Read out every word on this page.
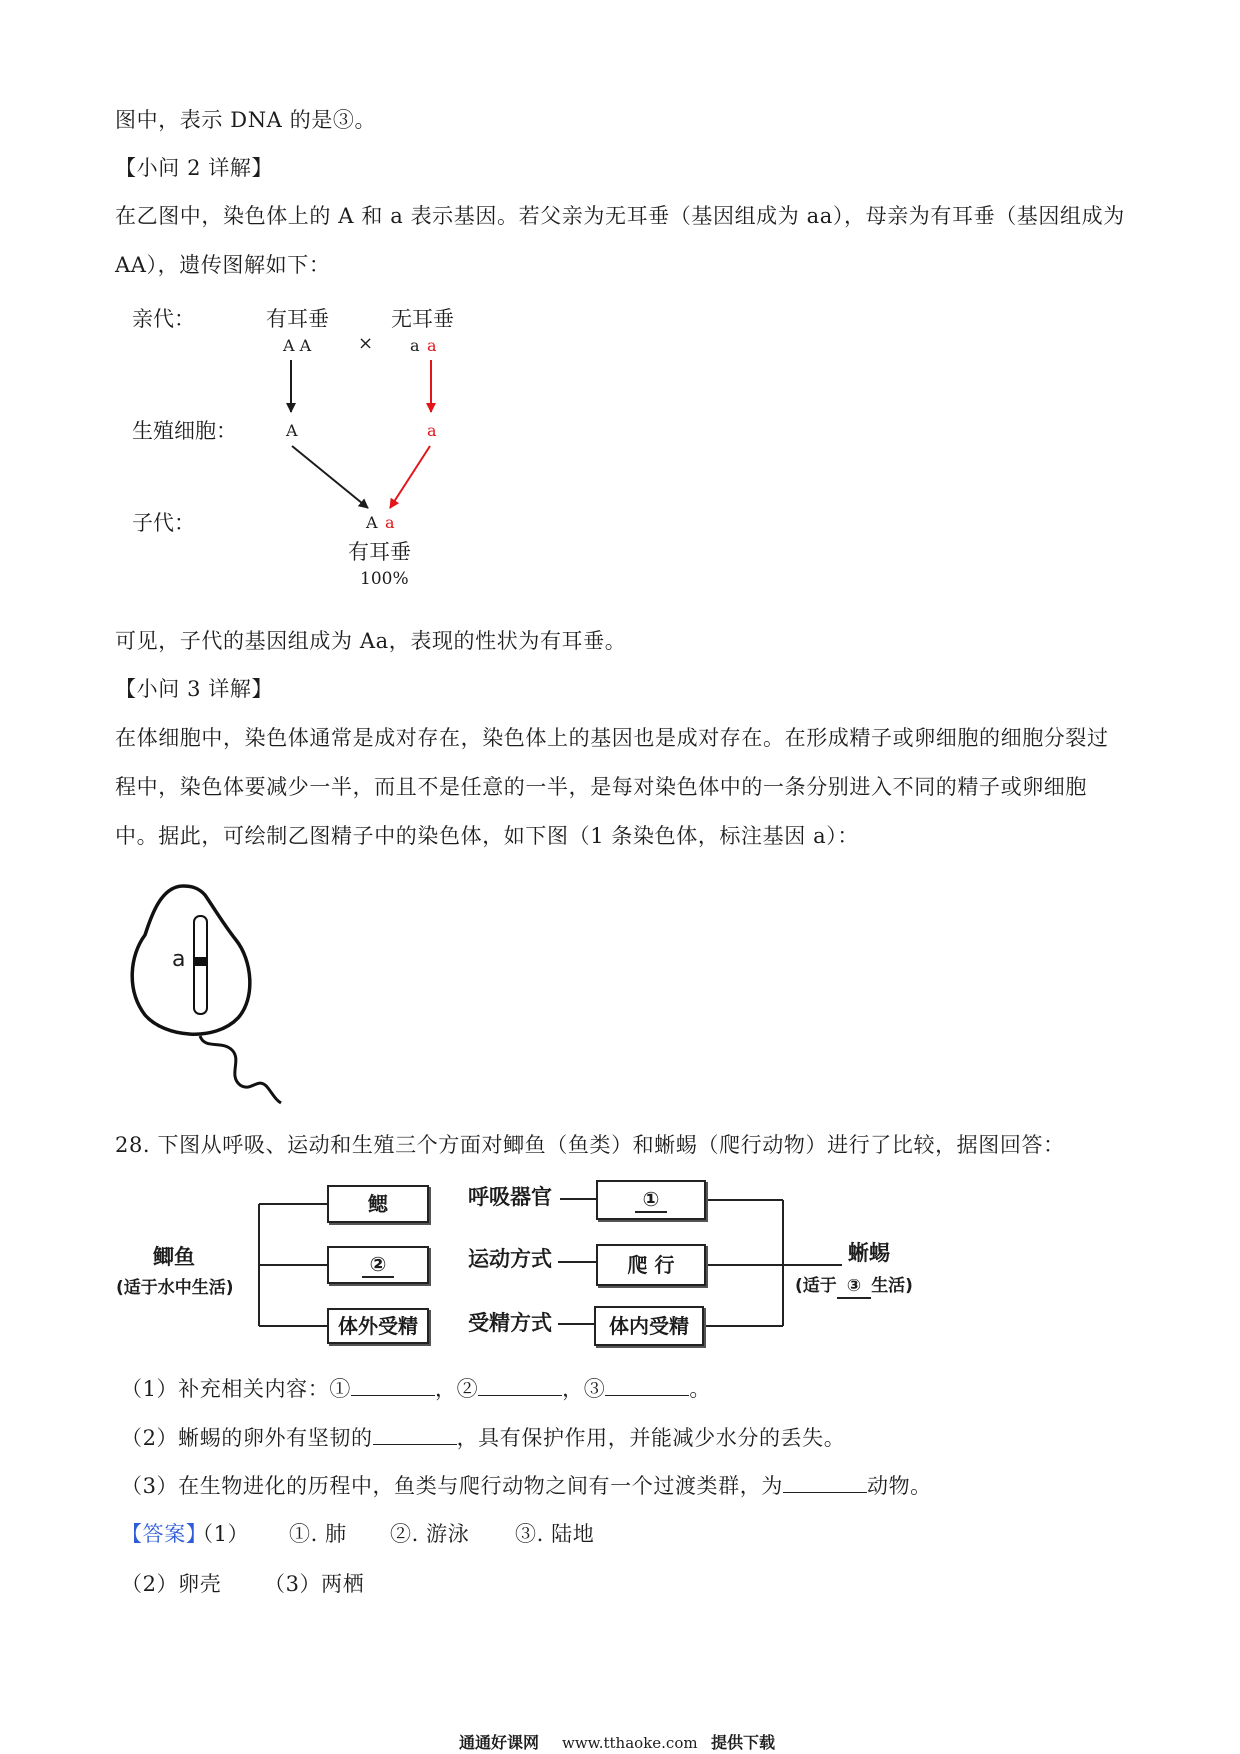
图中，表示 DNA 的是③。
【小问 2 详解】
在乙图中，染色体上的 A 和 a 表示基因。若父亲为无耳垂（基因组成为 aa），母亲为有耳垂（基因组成为
AA），遗传图解如下：
亲代：	有耳垂	无耳垂
A A	× a a
生殖细胞：	A	a
子代：	A a
有耳垂
100%
可见，子代的基因组成为 Aa，表现的性状为有耳垂。
【小问 3 详解】
在体细胞中，染色体通常是成对存在，染色体上的基因也是成对存在。在形成精子或卵细胞的细胞分裂过
程中，染色体要减少一半，而且不是任意的一半，是每对染色体中的一条分别进入不同的精子或卵细胞
中。据此，可绘制乙图精子中的染色体，如下图（1 条染色体，标注基因 a）：
a
28. 下图从呼吸、运动和生殖三个方面对鲫鱼（鱼类）和蜥蜴（爬行动物）进行了比较，据图回答：
鲫鱼
(适于水中生活)
鳃
②
体外受精
呼吸器官
运动方式
受精方式
①
爬 行
体内受精
蜥蜴
(适于 ③ 生活)
（1）补充相关内容：①	，②	，③	。
（2）蜥蜴的卵外有坚韧的	，具有保护作用，并能减少水分的丢失。
（3）在生物进化的历程中，鱼类与爬行动物之间有一个过渡类群，为	动物。
【答案】
（1） ①. 肺 ②. 游泳 ③. 陆地
（2）卵壳 （3）两栖
通通好课网 www.tthaoke.com 提供下载
